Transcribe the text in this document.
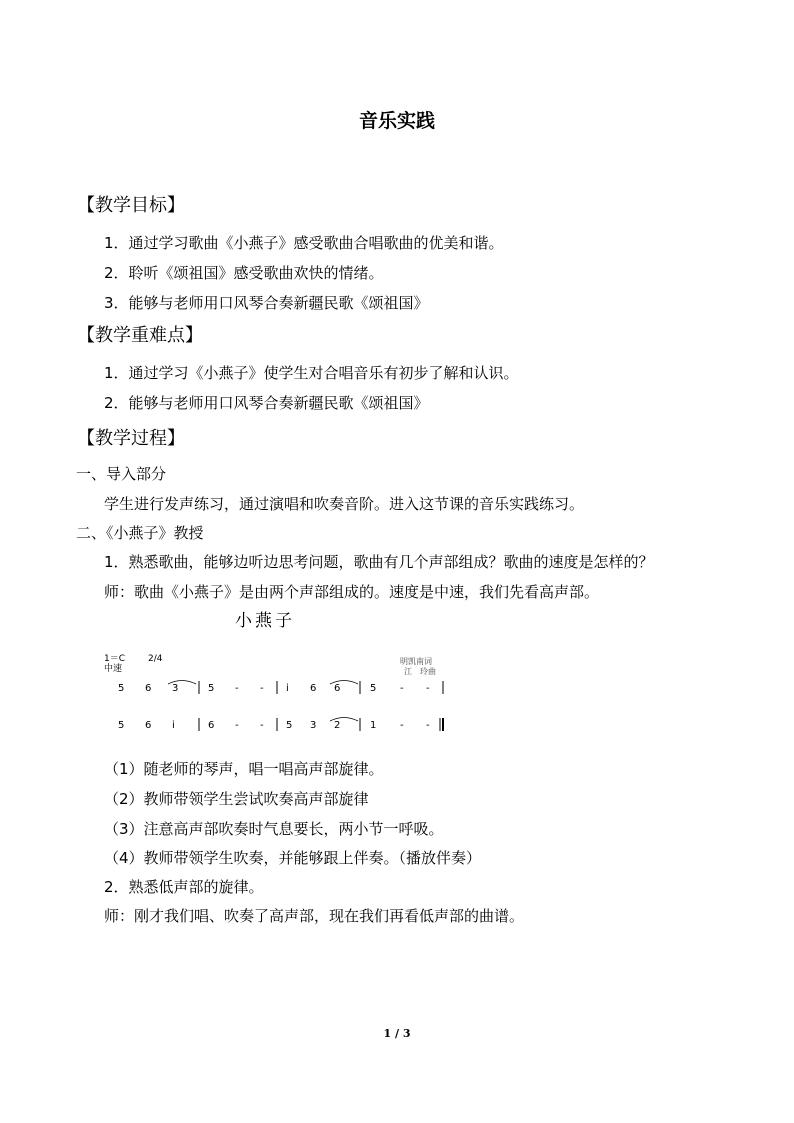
音乐实践
【教学目标】
1．通过学习歌曲《小燕子》感受歌曲合唱歌曲的优美和谐。
2．聆听《颂祖国》感受歌曲欢快的情绪。
3．能够与老师用口风琴合奏新疆民歌《颂祖国》
【教学重难点】
1．通过学习《小燕子》使学生对合唱音乐有初步了解和认识。
2．能够与老师用口风琴合奏新疆民歌《颂祖国》
【教学过程】
一、导入部分
学生进行发声练习，通过演唱和吹奏音阶。进入这节课的音乐实践练习。
二、《小燕子》教授
1．熟悉歌曲，能够边听边思考问题，歌曲有几个声部组成？歌曲的速度是怎样的？
师：歌曲《小燕子》是由两个声部组成的。速度是中速，我们先看高声部。
小燕子
1＝C	2/4
中速
明凯南词
江　玲曲
5 6 3	5 - - i 6 6	5 - -
5 6 i	6 - - 5 3 2	1 - -
（1）随老师的琴声，唱一唱高声部旋律。
（2）教师带领学生尝试吹奏高声部旋律
（3）注意高声部吹奏时气息要长，两小节一呼吸。
（4）教师带领学生吹奏，并能够跟上伴奏。（播放伴奏）
2．熟悉低声部的旋律。
师：刚才我们唱、吹奏了高声部，现在我们再看低声部的曲谱。
1 / 3
